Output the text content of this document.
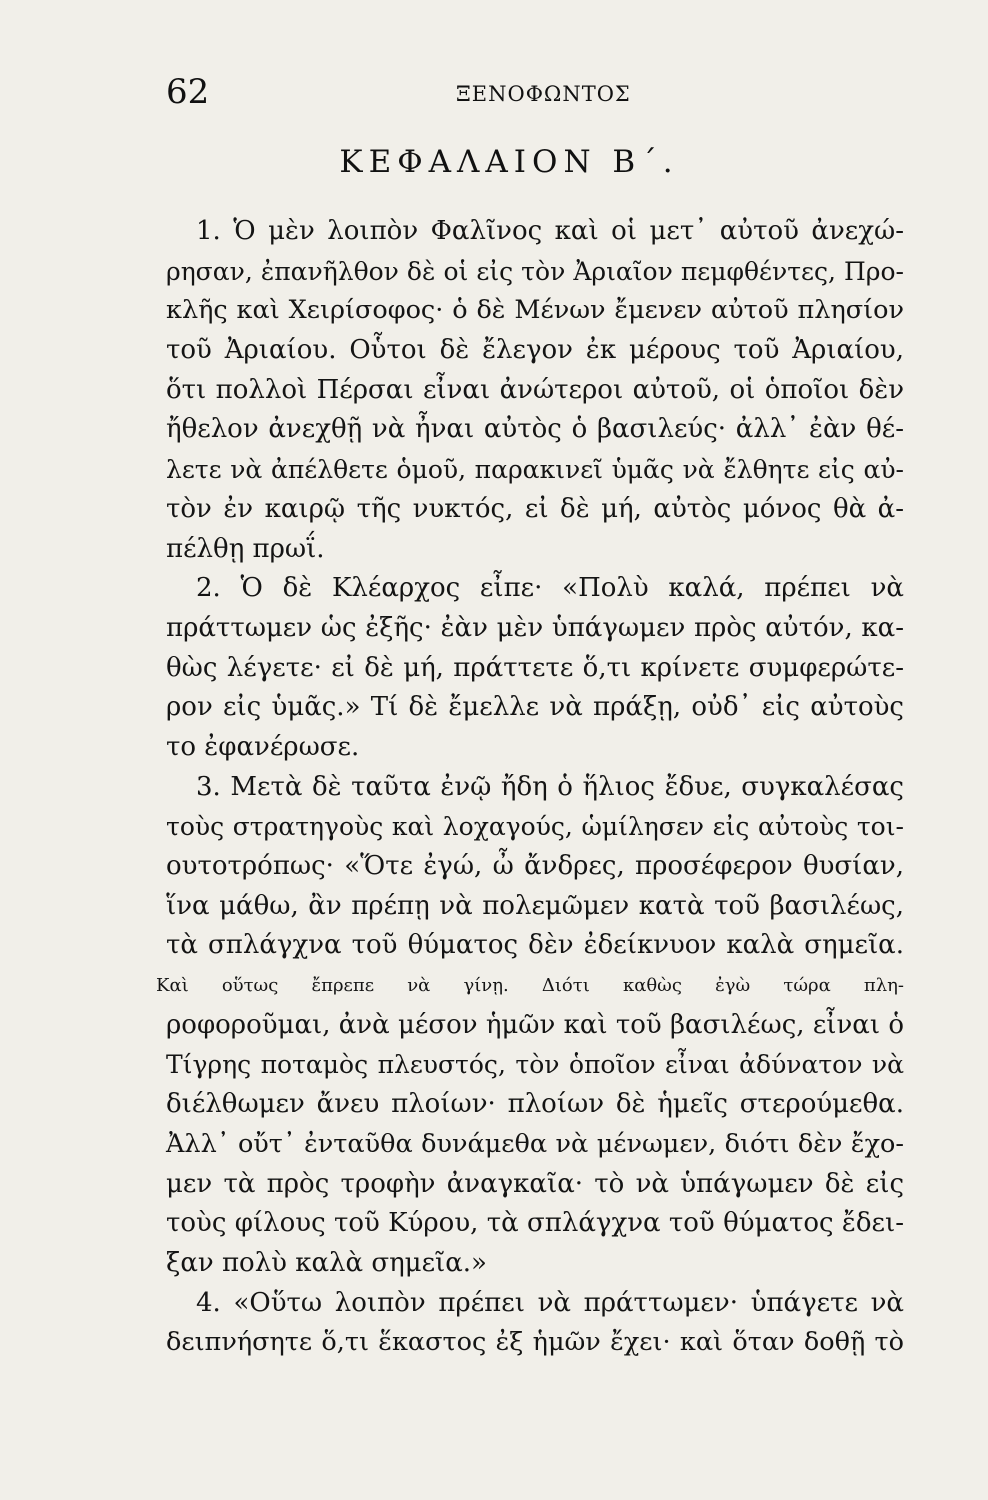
62	ΞΕΝΟΦΩΝΤΟΣ
ΚΕΦΑΛΑΙΟΝ Β΄.
1. Ὁ μὲν λοιπὸν Φαλῖνος καὶ οἱ μετ᾽ αὐτοῦ ἀνεχώ-
ρησαν, ἐπανῆλθον δὲ οἱ εἰς τὸν Ἀριαῖον πεμφθέντες, Προ-
κλῆς καὶ Χειρίσοφος· ὁ δὲ Μένων ἔμενεν αὐτοῦ πλησίον
τοῦ Ἀριαίου. Οὗτοι δὲ ἔλεγον ἐκ μέρους τοῦ Ἀριαίου,
ὅτι πολλοὶ Πέρσαι εἶναι ἀνώτεροι αὐτοῦ, οἱ ὁποῖοι δὲν
ἤθελον ἀνεχθῇ νὰ ἦναι αὐτὸς ὁ βασιλεύς· ἀλλ᾽ ἐὰν θέ-
λετε νὰ ἀπέλθετε ὁμοῦ, παρακινεῖ ὑμᾶς νὰ ἔλθητε εἰς αὐ-
τὸν ἐν καιρῷ τῆς νυκτός, εἰ δὲ μή, αὐτὸς μόνος θὰ ἀ-
πέλθῃ πρωΐ.
2. Ὁ δὲ Κλέαρχος εἶπε· «Πολὺ καλά, πρέπει νὰ
πράττωμεν ὡς ἐξῆς· ἐὰν μὲν ὑπάγωμεν πρὸς αὐτόν, κα-
θὼς λέγετε· εἰ δὲ μή, πράττετε ὅ,τι κρίνετε συμφερώτε-
ρον εἰς ὑμᾶς.» Τί δὲ ἔμελλε νὰ πράξῃ, οὐδ᾽ εἰς αὐτοὺς
το ἐφανέρωσε.
3. Μετὰ δὲ ταῦτα ἐνῷ ἤδη ὁ ἥλιος ἔδυε, συγκαλέσας
τοὺς στρατηγοὺς καὶ λοχαγούς, ὡμίλησεν εἰς αὐτοὺς τοι-
ουτοτρόπως· «Ὅτε ἐγώ, ὦ ἄνδρες, προσέφερον θυσίαν,
ἵνα μάθω, ἂν πρέπῃ νὰ πολεμῶμεν κατὰ τοῦ βασιλέως,
τὰ σπλάγχνα τοῦ θύματος δὲν ἐδείκνυον καλὰ σημεῖα.
Καὶ οὕτως ἔπρεπε νὰ γίνῃ. Διότι καθὼς ἐγὼ τώρα πλη-
ροφοροῦμαι, ἀνὰ μέσον ἡμῶν καὶ τοῦ βασιλέως, εἶναι ὁ
Τίγρης ποταμὸς πλευστός, τὸν ὁποῖον εἶναι ἀδύνατον νὰ
διέλθωμεν ἄνευ πλοίων· πλοίων δὲ ἡμεῖς στερούμεθα.
Ἀλλ᾽ οὔτ᾽ ἐνταῦθα δυνάμεθα νὰ μένωμεν, διότι δὲν ἔχο-
μεν τὰ πρὸς τροφὴν ἀναγκαῖα· τὸ νὰ ὑπάγωμεν δὲ εἰς
τοὺς φίλους τοῦ Κύρου, τὰ σπλάγχνα τοῦ θύματος ἔδει-
ξαν πολὺ καλὰ σημεῖα.»
4. «Οὕτω λοιπὸν πρέπει νὰ πράττωμεν· ὑπάγετε νὰ
δειπνήσητε ὅ,τι ἕκαστος ἐξ ἡμῶν ἔχει· καὶ ὅταν δοθῇ τὸ
